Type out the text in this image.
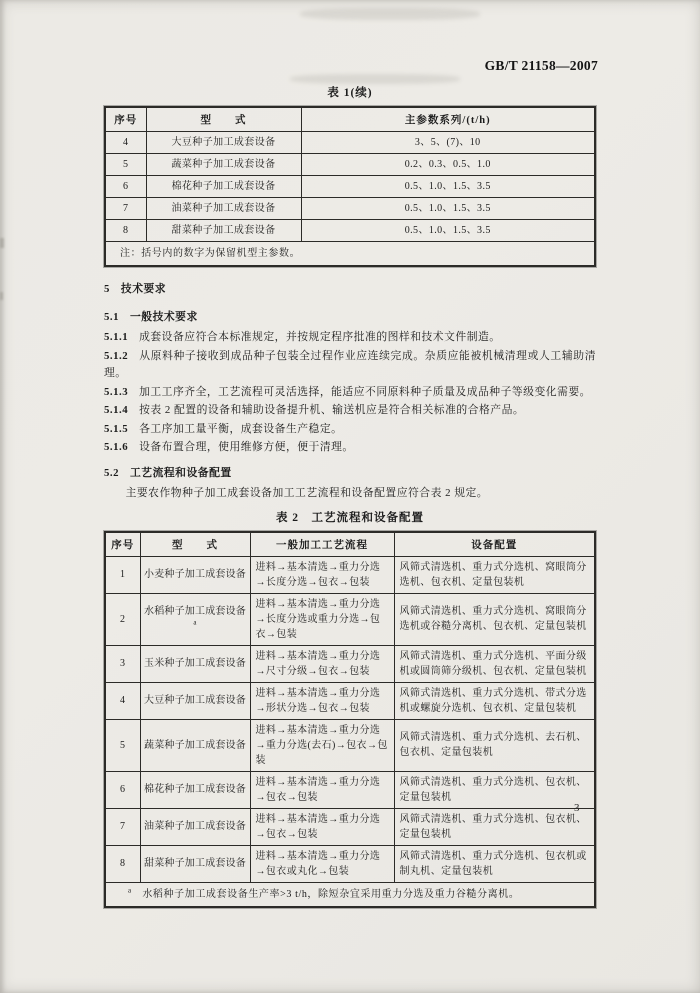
GB/T 21158—2007
表 1(续)
序号	型　　式	主参数系列/(t/h)
4	大豆种子加工成套设备	3、5、(7)、10
5	蔬菜种子加工成套设备	0.2、0.3、0.5、1.0
6	棉花种子加工成套设备	0.5、1.0、1.5、3.5
7	油菜种子加工成套设备	0.5、1.0、1.5、3.5
8	甜菜种子加工成套设备	0.5、1.0、1.5、3.5
注：括号内的数字为保留机型主参数。		

5 技术要求

5.1 一般技术要求

5.1.1 成套设备应符合本标准规定，并按规定程序批准的图样和技术文件制造。

5.1.2 从原料种子接收到成品种子包装全过程作业应连续完成。杂质应能被机械清理或人工辅助清理。

5.1.3 加工工序齐全，工艺流程可灵活选择，能适应不同原料种子质量及成品种子等级变化需要。

5.1.4 按表 2 配置的设备和辅助设备提升机、输送机应是符合相关标准的合格产品。

5.1.5 各工序加工量平衡，成套设备生产稳定。

5.1.6 设备布置合理，使用维修方便，便于清理。

5.2 工艺流程和设备配置

主要农作物种子加工成套设备加工工艺流程和设备配置应符合表 2 规定。

表 2　工艺流程和设备配置
序号	型　　式	一般加工工艺流程	设备配置
1	小麦种子加工成套设备	进料→基本清选→重力分选→长度分选→包衣→包装	风筛式清选机、重力式分选机、窝眼筒分选机、包衣机、定量包装机
2	水稻种子加工成套设备$^a$	进料→基本清选→重力分选→长度分选或重力分选→包衣→包装	风筛式清选机、重力式分选机、窝眼筒分选机或谷糙分离机、包衣机、定量包装机
3	玉米种子加工成套设备	进料→基本清选→重力分选→尺寸分级→包衣→包装	风筛式清选机、重力式分选机、平面分级机或圆筒筛分级机、包衣机、定量包装机
4	大豆种子加工成套设备	进料→基本清选→重力分选→形状分选→包衣→包装	风筛式清选机、重力式分选机、带式分选机或螺旋分选机、包衣机、定量包装机
5	蔬菜种子加工成套设备	进料→基本清选→重力分选→重力分选(去石)→包衣→包装	风筛式清选机、重力式分选机、去石机、包衣机、定量包装机
6	棉花种子加工成套设备	进料→基本清选→重力分选→包衣→包装	风筛式清选机、重力式分选机、包衣机、定量包装机
7	油菜种子加工成套设备	进料→基本清选→重力分选→包衣→包装	风筛式清选机、重力式分选机、包衣机、定量包装机
8	甜菜种子加工成套设备	进料→基本清选→重力分选→包衣或丸化→包装	风筛式清选机、重力式分选机、包衣机或制丸机、定量包装机
$^a$　 水稻种子加工成套设备生产率>3 t/h，除短杂宜采用重力分选及重力谷糙分离机。			
3
